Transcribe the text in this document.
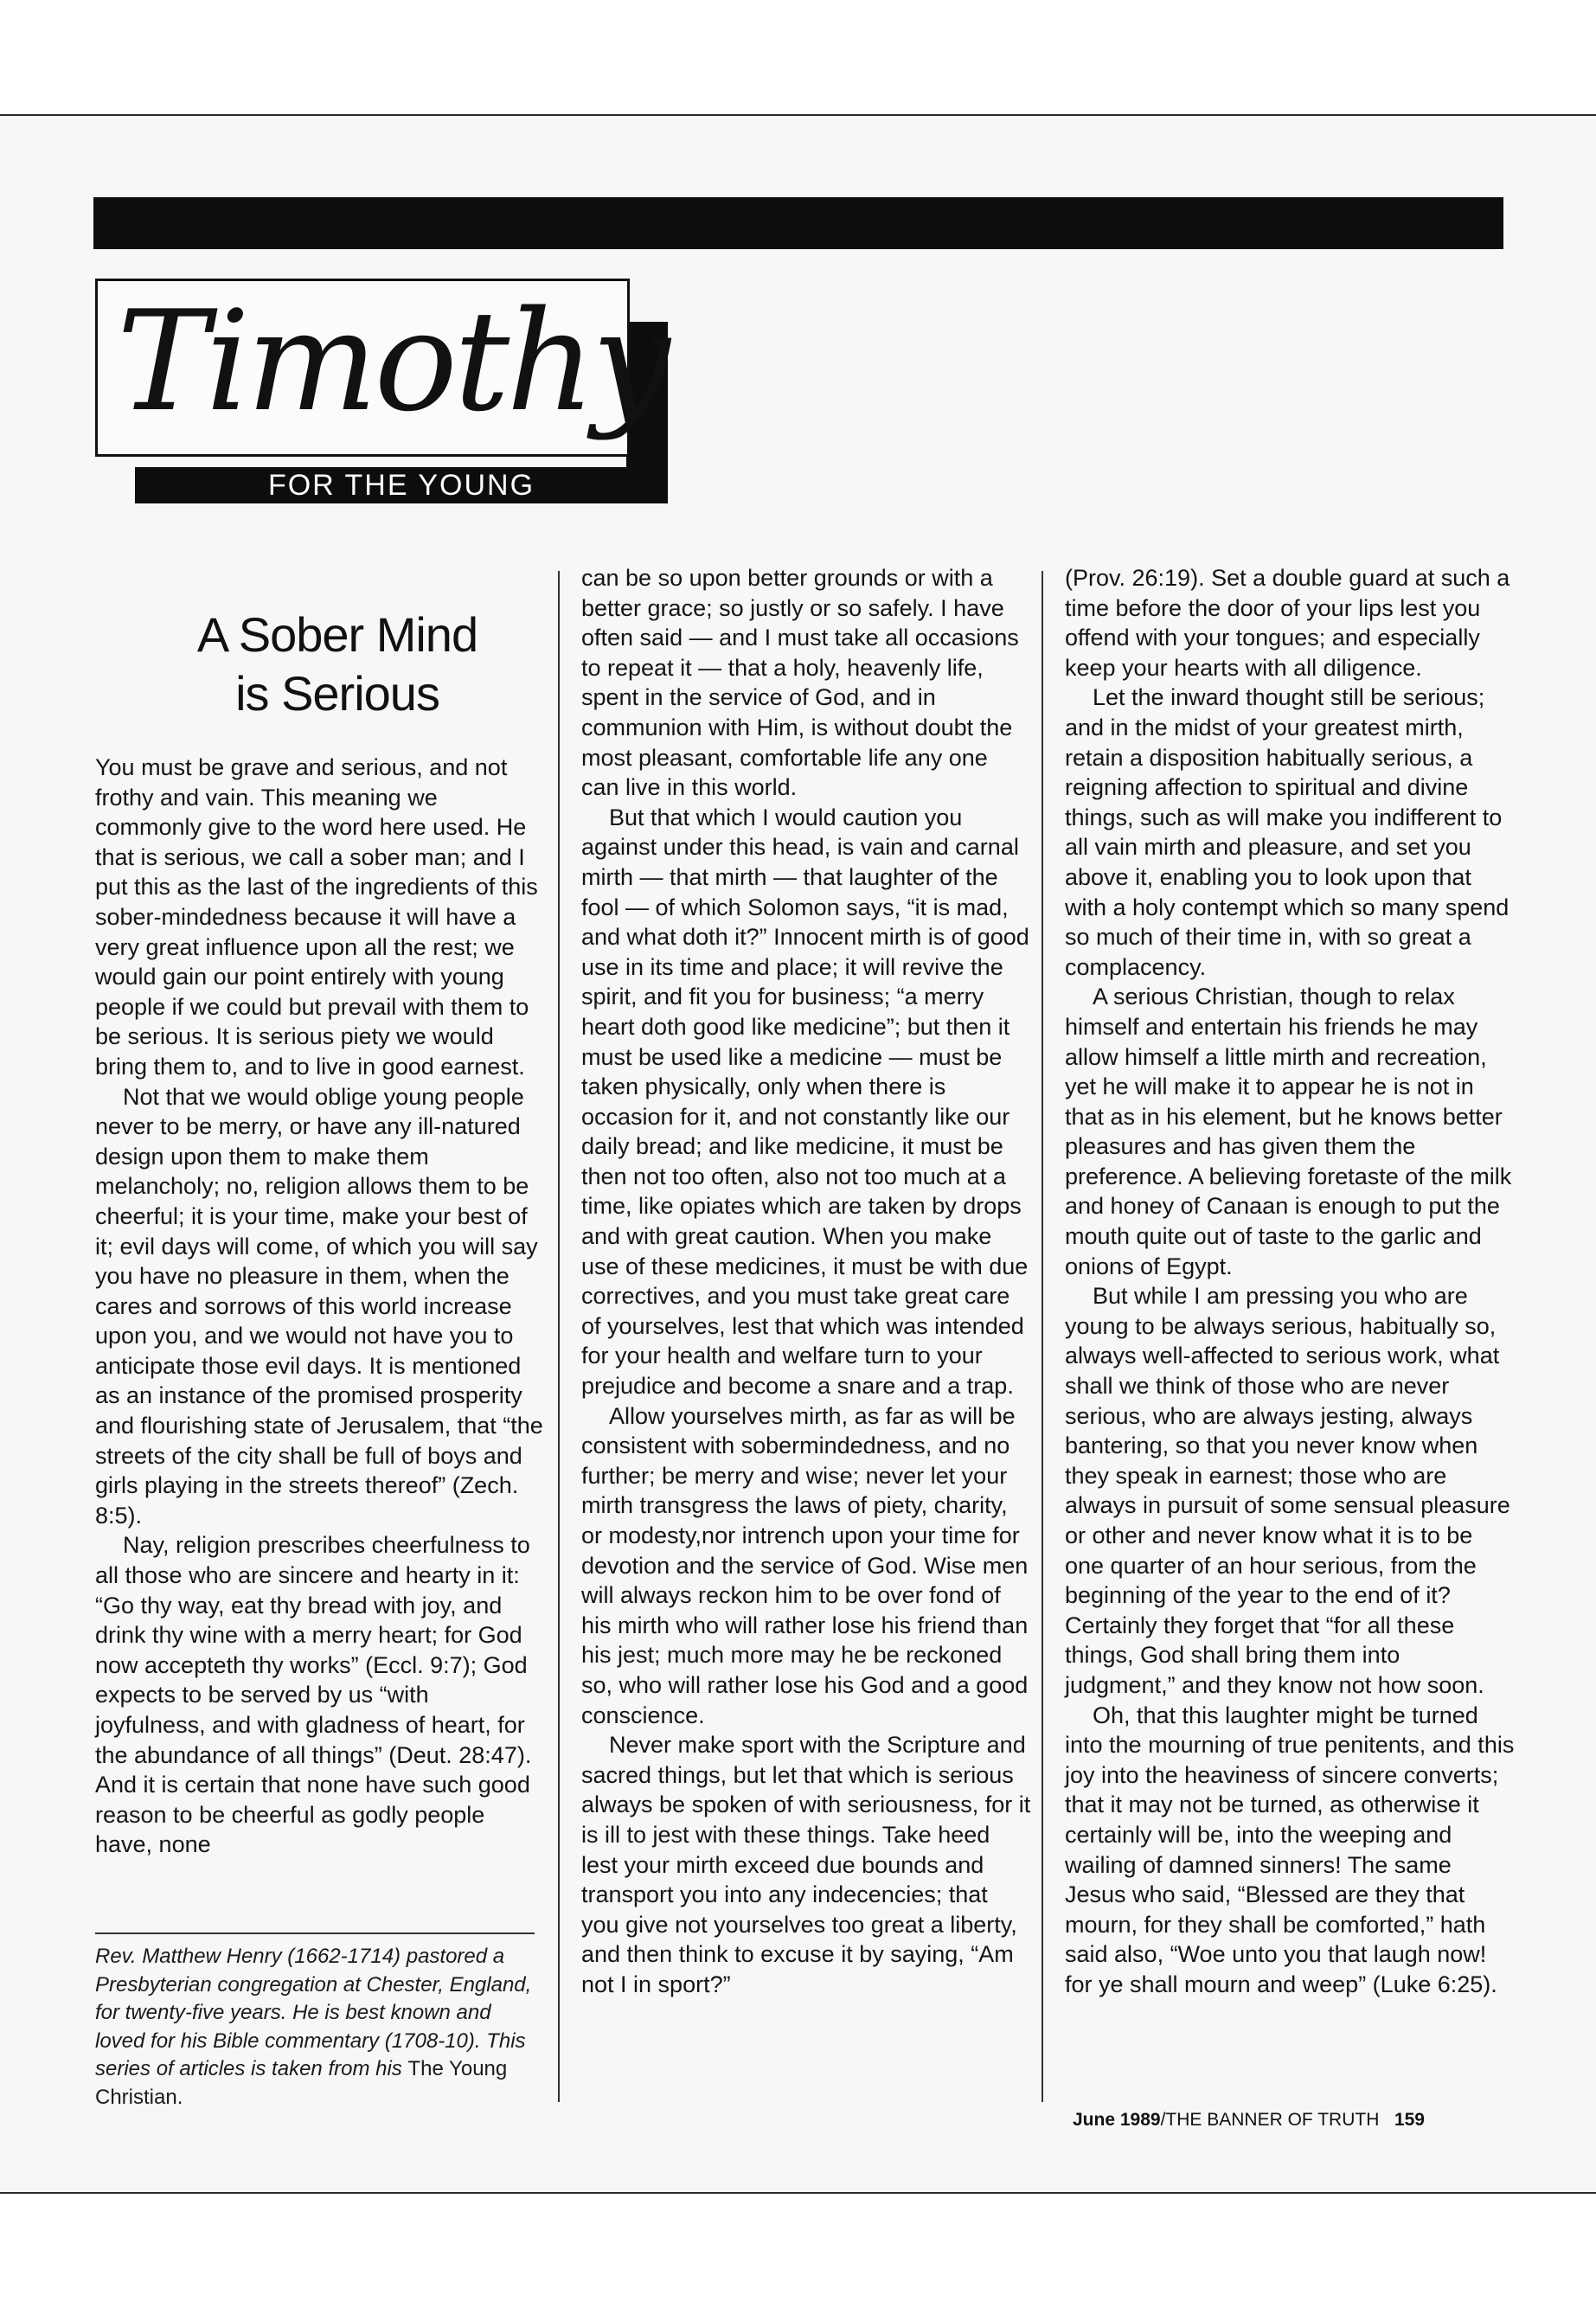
Timothy
FOR THE YOUNG
A Sober Mind
is Serious

You must be grave and serious, and not frothy and vain. This meaning we commonly give to the word here used. He that is serious, we call a sober man; and I put this as the last of the ingredients of this sober-mindedness because it will have a very great influence upon all the rest; we would gain our point entirely with young people if we could but prevail with them to be serious. It is serious piety we would bring them to, and to live in good earnest.

Not that we would oblige young people never to be merry, or have any ill-natured design upon them to make them melancholy; no, religion allows them to be cheerful; it is your time, make your best of it; evil days will come, of which you will say you have no pleasure in them, when the cares and sorrows of this world increase upon you, and we would not have you to anticipate those evil days. It is mentioned as an instance of the promised prosperity and flourishing state of Jerusalem, that “the streets of the city shall be full of boys and girls playing in the streets thereof” (Zech. 8:5).

Nay, religion prescribes cheerfulness to all those who are sincere and hearty in it: “Go thy way, eat thy bread with joy, and drink thy wine with a merry heart; for God now accepteth thy works” (Eccl. 9:7); God expects to be served by us “with joyfulness, and with gladness of heart, for the abundance of all things” (Deut. 28:47). And it is certain that none have such good reason to be cheerful as godly people have, none

can be so upon better grounds or with a better grace; so justly or so safely. I have often said — and I must take all occasions to repeat it — that a holy, heavenly life, spent in the service of God, and in communion with Him, is without doubt the most pleasant, comfortable life any one can live in this world.

But that which I would caution you against under this head, is vain and carnal mirth — that mirth — that laughter of the fool — of which Solomon says, “it is mad, and what doth it?” Innocent mirth is of good use in its time and place; it will revive the spirit, and fit you for business; “a merry heart doth good like medicine”; but then it must be used like a medicine — must be taken physically, only when there is occasion for it, and not constantly like our daily bread; and like medicine, it must be then not too often, also not too much at a time, like opiates which are taken by drops and with great caution. When you make use of these medicines, it must be with due correctives, and you must take great care of yourselves, lest that which was intended for your health and welfare turn to your prejudice and become a snare and a trap.

Allow yourselves mirth, as far as will be consistent with sobermindedness, and no further; be merry and wise; never let your mirth transgress the laws of piety, charity, or modesty,nor intrench upon your time for devotion and the service of God. Wise men will always reckon him to be over fond of his mirth who will rather lose his friend than his jest; much more may he be reckoned so, who will rather lose his God and a good conscience.

Never make sport with the Scripture and sacred things, but let that which is serious always be spoken of with seriousness, for it is ill to jest with these things. Take heed lest your mirth exceed due bounds and transport you into any indecencies; that you give not yourselves too great a liberty, and then think to excuse it by saying, “Am not I in sport?”

(Prov. 26:19). Set a double guard at such a time before the door of your lips lest you offend with your tongues; and especially keep your hearts with all diligence.

Let the inward thought still be serious; and in the midst of your greatest mirth, retain a disposition habitually serious, a reigning affection to spiritual and divine things, such as will make you indifferent to all vain mirth and pleasure, and set you above it, enabling you to look upon that with a holy contempt which so many spend so much of their time in, with so great a complacency.

A serious Christian, though to relax himself and entertain his friends he may allow himself a little mirth and recreation, yet he will make it to appear he is not in that as in his element, but he knows better pleasures and has given them the preference. A believing foretaste of the milk and honey of Canaan is enough to put the mouth quite out of taste to the garlic and onions of Egypt.

But while I am pressing you who are young to be always serious, habitually so, always well-affected to serious work, what shall we think of those who are never serious, who are always jesting, always bantering, so that you never know when they speak in earnest; those who are always in pursuit of some sensual pleasure or other and never know what it is to be one quarter of an hour serious, from the beginning of the year to the end of it? Certainly they forget that “for all these things, God shall bring them into judgment,” and they know not how soon.

Oh, that this laughter might be turned into the mourning of true penitents, and this joy into the heaviness of sincere converts; that it may not be turned, as otherwise it certainly will be, into the weeping and wailing of damned sinners! The same Jesus who said, “Blessed are they that mourn, for they shall be comforted,” hath said also, “Woe unto you that laugh now! for ye shall mourn and weep” (Luke 6:25).

Rev. Matthew Henry (1662-1714) pastored a Presbyterian congregation at Chester, England, for twenty-five years. He is best known and loved for his Bible commentary (1708-10). This series of articles is taken from his The Young Christian.
June 1989/THE BANNER OF TRUTH 159
